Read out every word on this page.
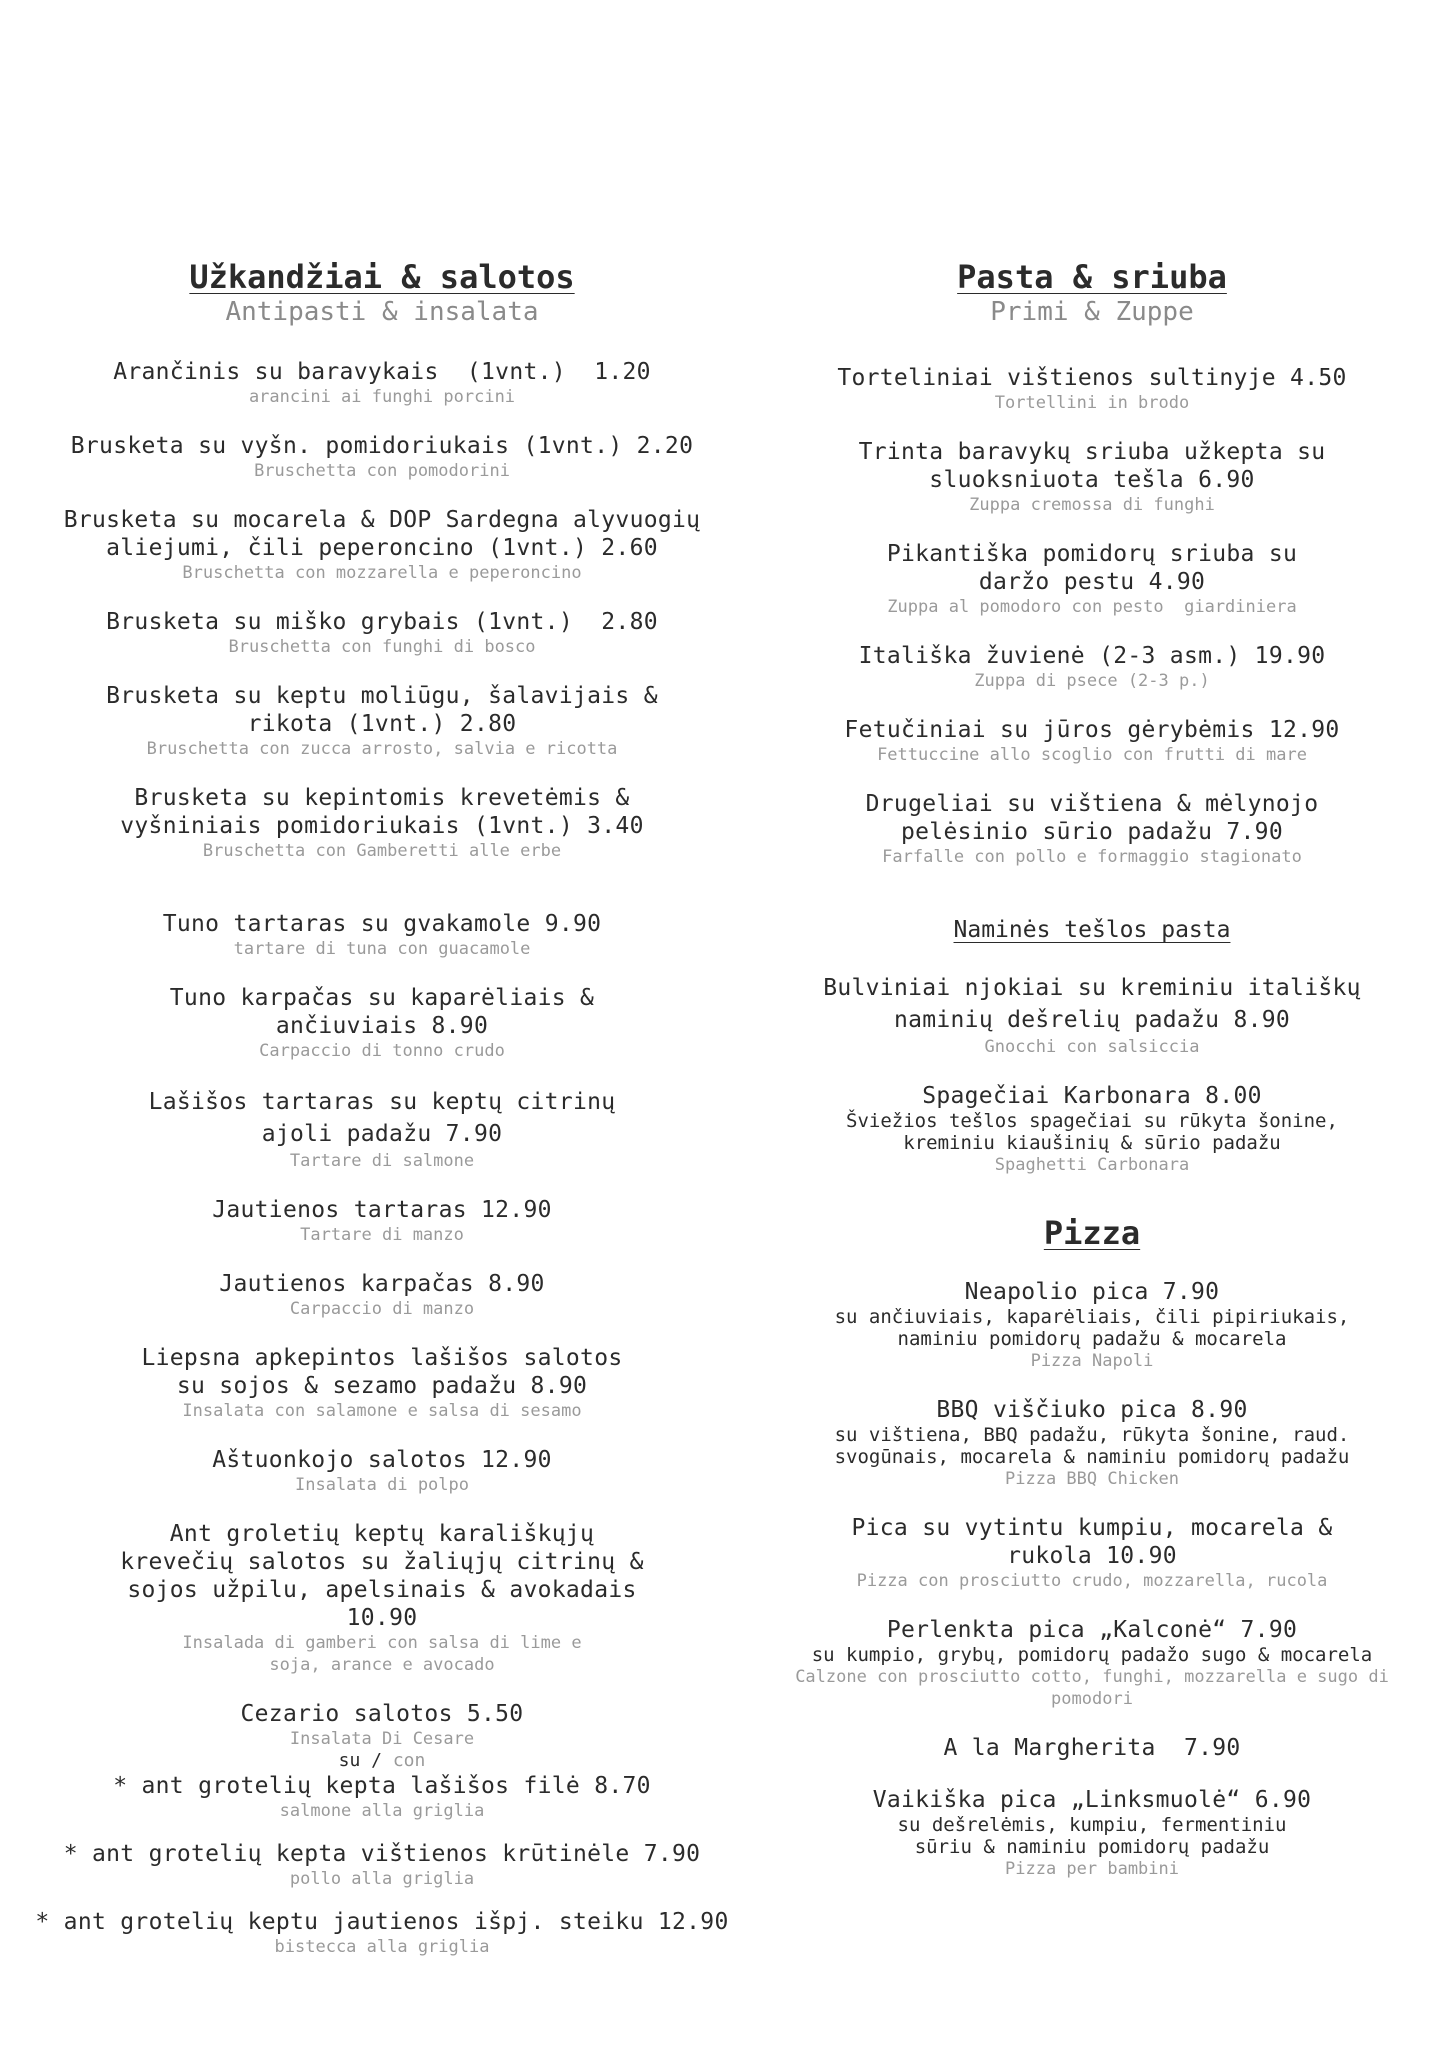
Užkandžiai & salotos
Antipasti & insalata
Arančinis su baravykais  (1vnt.)  1.20
arancini ai funghi porcini
Brusketa su vyšn. pomidoriukais (1vnt.) 2.20
Bruschetta con pomodorini
Brusketa su mocarela & DOP Sardegna alyvuogių aliejumi, čili peperoncino (1vnt.) 2.60
Bruschetta con mozzarella e peperoncino
Brusketa su miško grybais (1vnt.)  2.80
Bruschetta con funghi di bosco
Brusketa su keptu moliūgu, šalavijais & rikota (1vnt.) 2.80
Bruschetta con zucca arrosto, salvia e ricotta
Brusketa su kepintomis krevetėmis & vyšniniais pomidoriukais (1vnt.) 3.40
Bruschetta con Gamberetti alle erbe
Tuno tartaras su gvakamole 9.90
tartare di tuna con guacamole
Tuno karpačas su kaparėliais & ančiuviais 8.90
Carpaccio di tonno crudo
Lašišos tartaras su keptų citrinų ajoli padažu 7.90
Tartare di salmone
Jautienos tartaras 12.90
Tartare di manzo
Jautienos karpačas 8.90
Carpaccio di manzo
Liepsna apkepintos lašišos salotos su sojos & sezamo padažu 8.90
Insalata con salamone e salsa di sesamo
Aštuonkojo salotos 12.90
Insalata di polpo
Ant groletių keptų karališkųjų krevečių salotos su žaliųjų citrinų & sojos užpilu, apelsinais & avokadais 10.90
Insalada di gamberi con salsa di lime e soja, arance e avocado
Cezario salotos 5.50
Insalata Di Cesare
su / con
* ant grotelių kepta lašišos filė 8.70
salmone alla griglia
* ant grotelių kepta vištienos krūtinėle 7.90
pollo alla griglia
* ant grotelių keptu jautienos išpj. steiku 12.90
bistecca alla griglia
Pasta & sriuba
Primi & Zuppe
Torteliniai vištienos sultinyje 4.50
Tortellini in brodo
Trinta baravykų sriuba užkepta su sluoksniuota tešla 6.90
Zuppa cremossa di funghi
Pikantiška pomidorų sriuba su daržo pestu 4.90
Zuppa al pomodoro con pesto  giardiniera
Itališka žuvienė (2-3 asm.) 19.90
Zuppa di psece (2-3 p.)
Fetučiniai su jūros gėrybėmis 12.90
Fettuccine allo scoglio con frutti di mare
Drugeliai su vištiena & mėlynojo pelėsinio sūrio padažu 7.90
Farfalle con pollo e formaggio stagionato
Naminės tešlos pasta
Bulviniai njokiai su kreminiu itališkų naminių dešrelių padažu 8.90
Gnocchi con salsiccia
Spagečiai Karbonara 8.00
Šviežios tešlos spagečiai su rūkyta šonine, kreminiu kiaušinių & sūrio padažu
Spaghetti Carbonara
Pizza
Neapolio pica 7.90
su ančiuviais, kaparėliais, čili pipiriukais, naminiu pomidorų padažu & mocarela
Pizza Napoli
BBQ viščiuko pica 8.90
su vištiena, BBQ padažu, rūkyta šonine, raud. svogūnais, mocarela & naminiu pomidorų padažu
Pizza BBQ Chicken
Pica su vytintu kumpiu, mocarela & rukola 10.90
Pizza con prosciutto crudo, mozzarella, rucola
Perlenkta pica „Kalconė“ 7.90
su kumpio, grybų, pomidorų padažo sugo & mocarela
Calzone con prosciutto cotto, funghi, mozzarella e sugo di pomodori
A la Margherita  7.90
Vaikiška pica „Linksmuolė“ 6.90
su dešrelėmis, kumpiu, fermentiniu sūriu & naminiu pomidorų padažu
Pizza per bambini
